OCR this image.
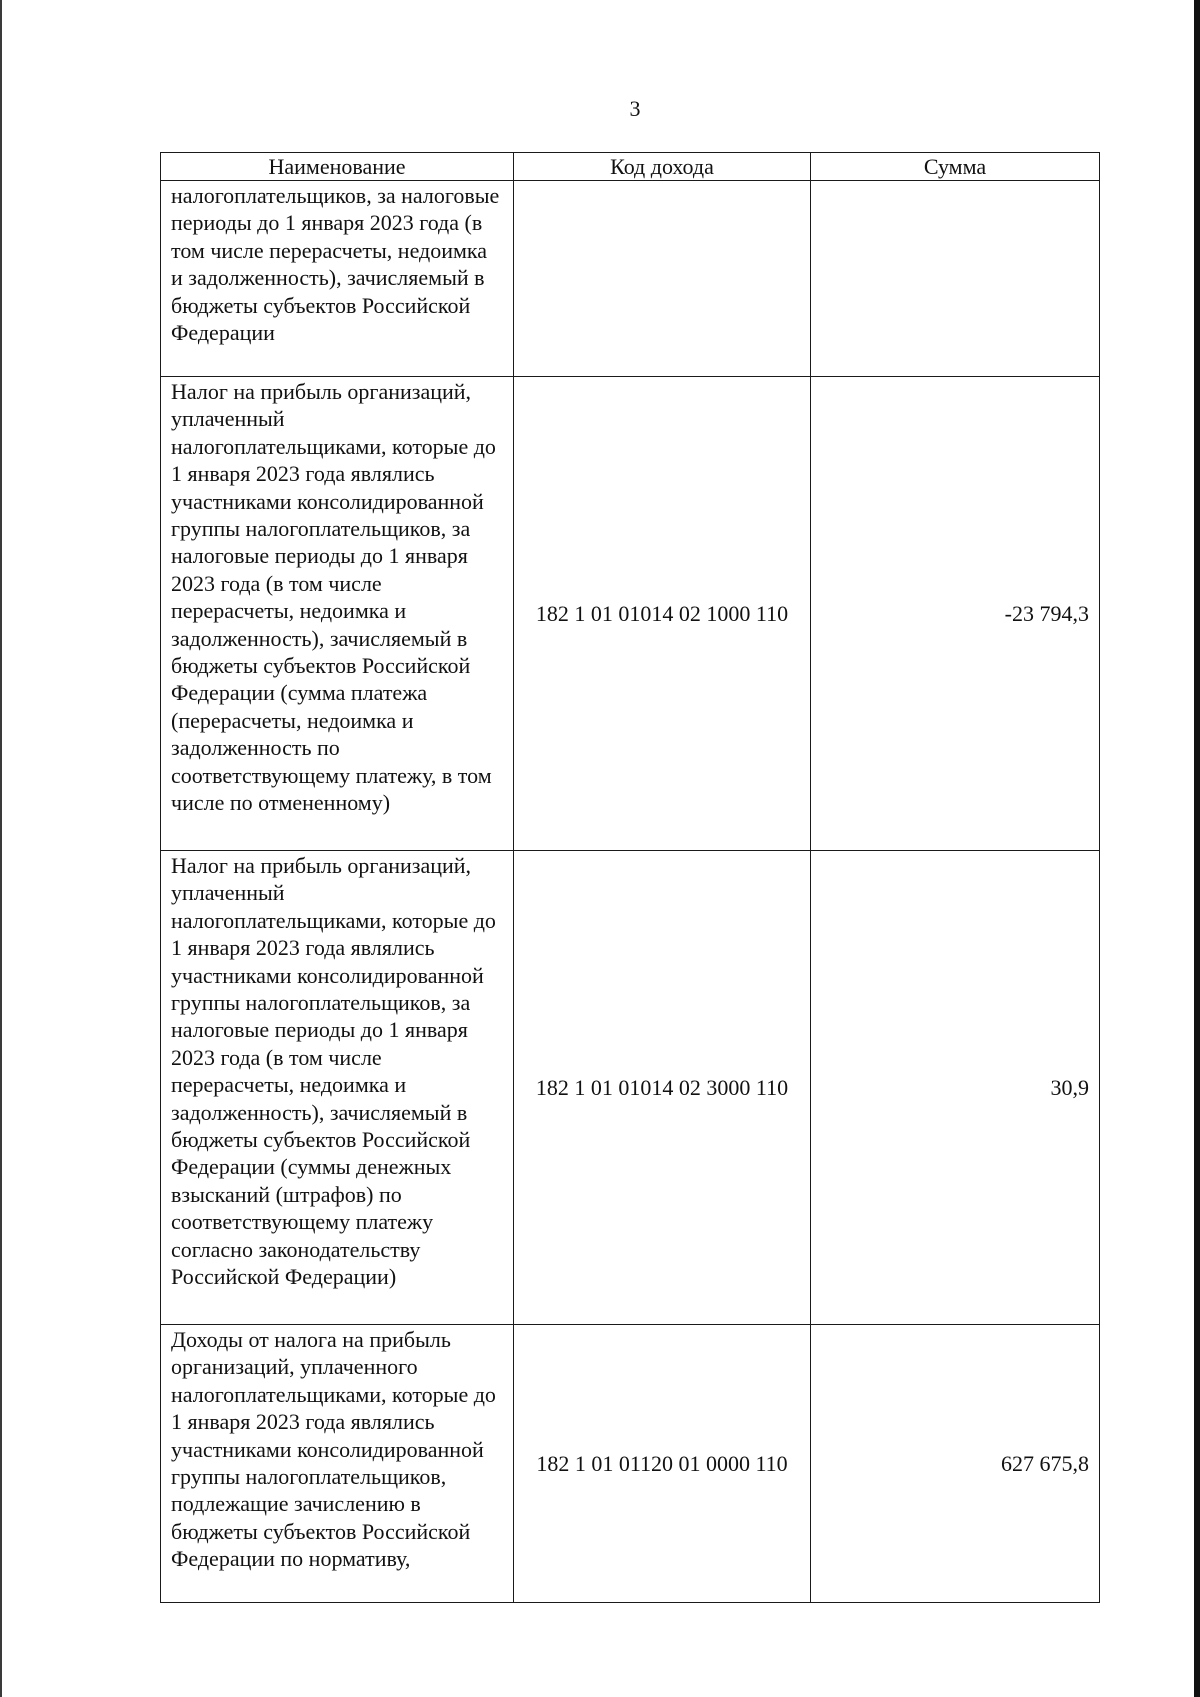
3
Наименование	Код дохода	Сумма
налогоплательщиков, за налоговые периоды до 1 января 2023 года (в том числе перерасчеты, недоимка и задолженность), зачисляемый в бюджеты субъектов Российской Федерации		
Налог на прибыль организаций, уплаченный налогоплательщиками, которые до 1 января 2023 года являлись участниками консолидированной группы налогоплательщиков, за налоговые периоды до 1 января 2023 года (в том числе перерасчеты, недоимка и задолженность), зачисляемый в бюджеты субъектов Российской Федерации (сумма платежа (перерасчеты, недоимка и задолженность по соответствующему платежу, в том числе по отмененному)	182 1 01 01014 02 1000 110	-23 794,3
Налог на прибыль организаций, уплаченный налогоплательщиками, которые до 1 января 2023 года являлись участниками консолидированной группы налогоплательщиков, за налоговые периоды до 1 января 2023 года (в том числе перерасчеты, недоимка и задолженность), зачисляемый в бюджеты субъектов Российской Федерации (суммы денежных взысканий (штрафов) по соответствующему платежу согласно законодательству Российской Федерации)	182 1 01 01014 02 3000 110	30,9
Доходы от налога на прибыль организаций, уплаченного налогоплательщиками, которые до 1 января 2023 года являлись участниками консолидированной группы налогоплательщиков, подлежащие зачислению в бюджеты субъектов Российской Федерации по нормативу,	182 1 01 01120 01 0000 110	627 675,8
